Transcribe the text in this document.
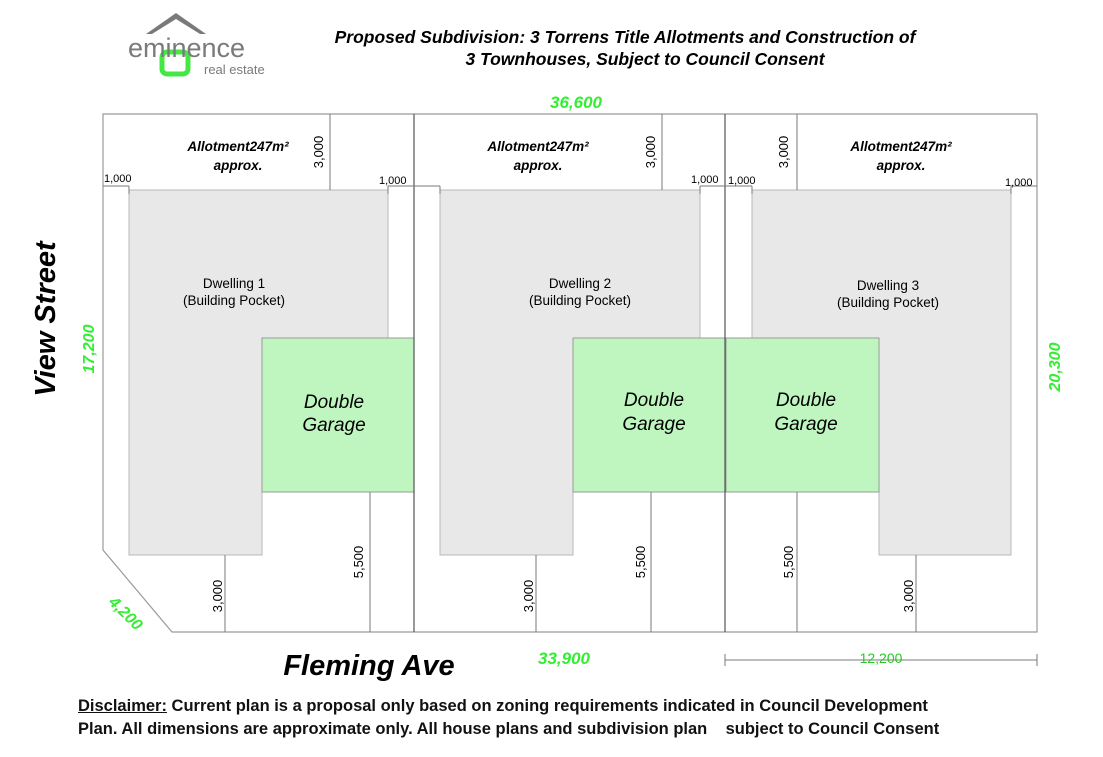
eminence
real estate
Proposed Subdivision: 3 Torrens Title Allotments and Construction of
3 Townhouses, Subject to Council Consent
View Street
Fleming Ave
36,600
33,900
17,200	20,300
4,200
12,200
1,000	1,000	1,000 1,000	1,000
3,000	3,000	3,000
3,000	3,000	3,000
5,500	5,500	5,500
Allotment247m²
approx.
Allotment247m²
approx.
Allotment247m²
approx.
Dwelling 1
(Building Pocket)
Dwelling 2
(Building Pocket)
Dwelling 3
(Building Pocket)
Double
Garage
Double
Garage
Double
Garage
Disclaimer: Current plan is a proposal only based on zoning requirements indicated in Council Development
Plan. All dimensions are approximate only. All house plans and subdivision plan    subject to Council Consent
